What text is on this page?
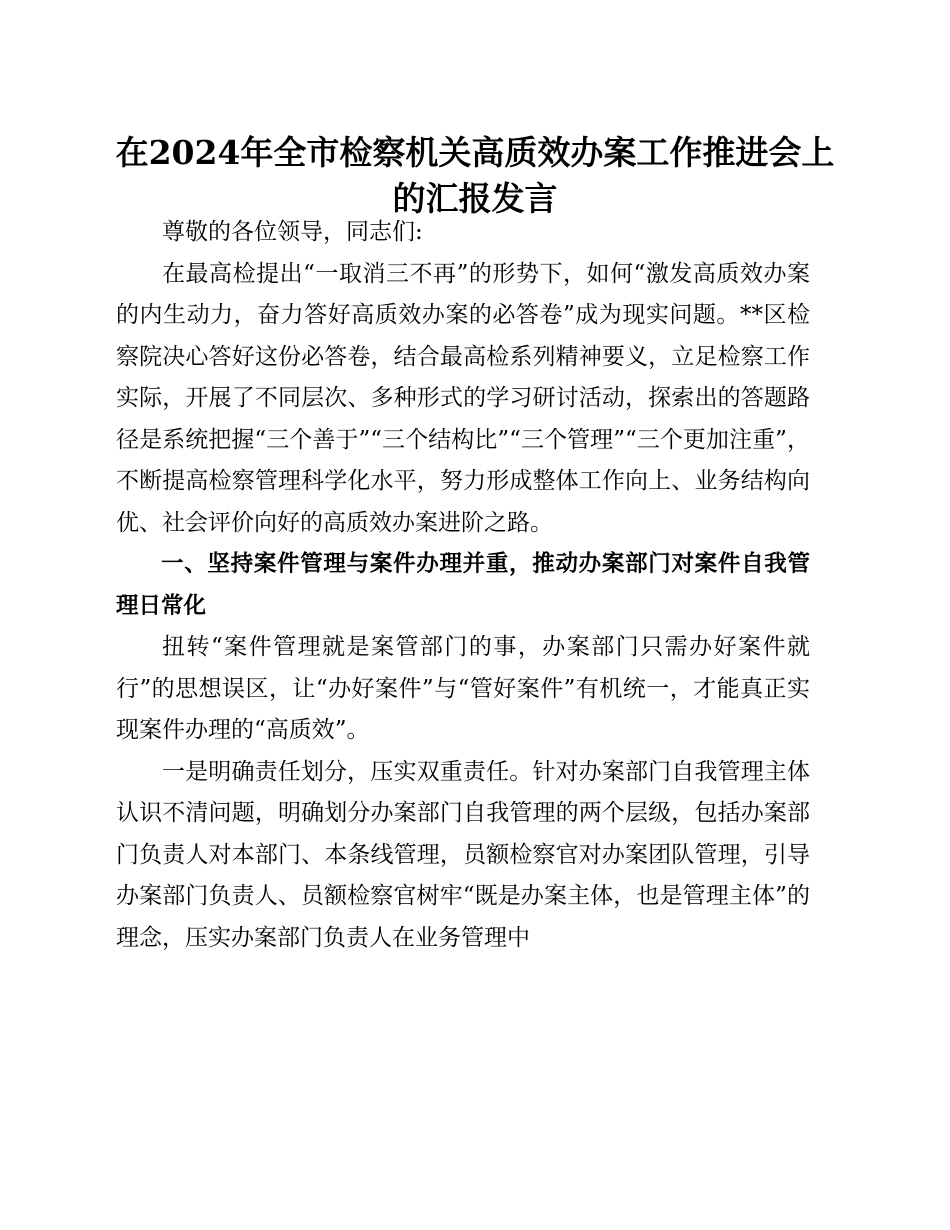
在2024年全市检察机关高质效办案工作推进会上的汇报发言

尊敬的各位领导，同志们:

在最高检提出“一取消三不再”的形势下，如何“激发高质效办案的内生动力，奋力答好高质效办案的必答卷”成为现实问题。**区检察院决心答好这份必答卷，结合最高检系列精神要义，立足检察工作实际，开展了不同层次、多种形式的学习研讨活动，探索出的答题路径是系统把握“三个善于”“三个结构比”“三个管理”“三个更加注重”，不断提高检察管理科学化水平，努力形成整体工作向上、业务结构向优、社会评价向好的高质效办案进阶之路。

一、坚持案件管理与案件办理并重，推动办案部门对案件自我管理日常化

扭转“案件管理就是案管部门的事，办案部门只需办好案件就行”的思想误区，让“办好案件”与“管好案件”有机统一，才能真正实现案件办理的“高质效”。

一是明确责任划分，压实双重责任。针对办案部门自我管理主体认识不清问题，明确划分办案部门自我管理的两个层级，包括办案部门负责人对本部门、本条线管理，员额检察官对办案团队管理，引导办案部门负责人、员额检察官树牢“既是办案主体，也是管理主体”的理念，压实办案部门负责人在业务管理中
